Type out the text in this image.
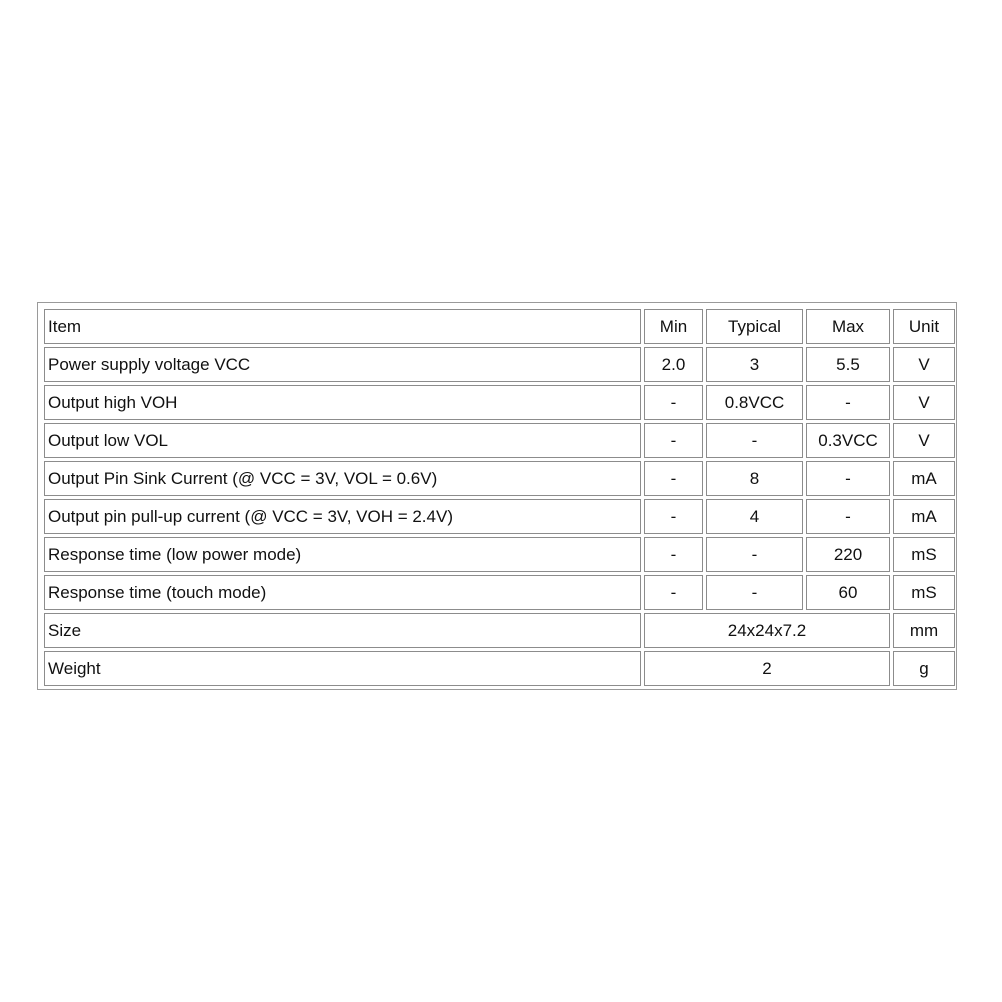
Item	Min	Typical	Max	Unit
Power supply voltage VCC	2.0	3	5.5	V
Output high VOH	-	0.8VCC	-	V
Output low VOL	-	-	0.3VCC	V
Output Pin Sink Current (@ VCC = 3V, VOL = 0.6V)	-	8	-	mA
Output pin pull-up current (@ VCC = 3V, VOH = 2.4V)	-	4	-	mA
Response time (low power mode)	-	-	220	mS
Response time (touch mode)	-	-	60	mS
Size	24x24x7.2			mm
Weight	2			g
